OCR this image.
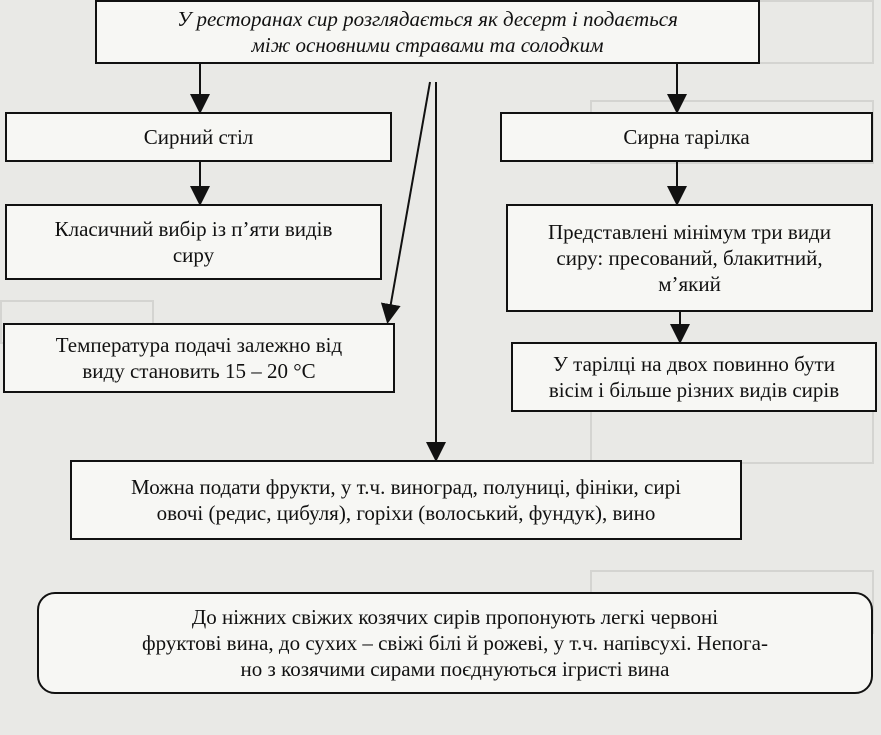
У ресторанах сир розглядається як десерт і подається
між основними стравами та солодким
Сирний стіл	Сирна тарілка
Класичний вибір із п’яти видів
сиру
Представлені мінімум три види
сиру: пресований, блакитний,
м’який
Температура подачі залежно від
виду становить 15 – 20 °С	У тарілці на двох повинно бути
вісім і більше різних видів сирів
Можна подати фрукти, у т.ч. виноград, полуниці, фініки, сирі
овочі (редис, цибуля), горіхи (волоський, фундук), вино
До ніжних свіжих козячих сирів пропонують легкі червоні
фруктові вина, до сухих – свіжі білі й рожеві, у т.ч. напівсухі. Непога-
но з козячими сирами поєднуються ігристі вина
